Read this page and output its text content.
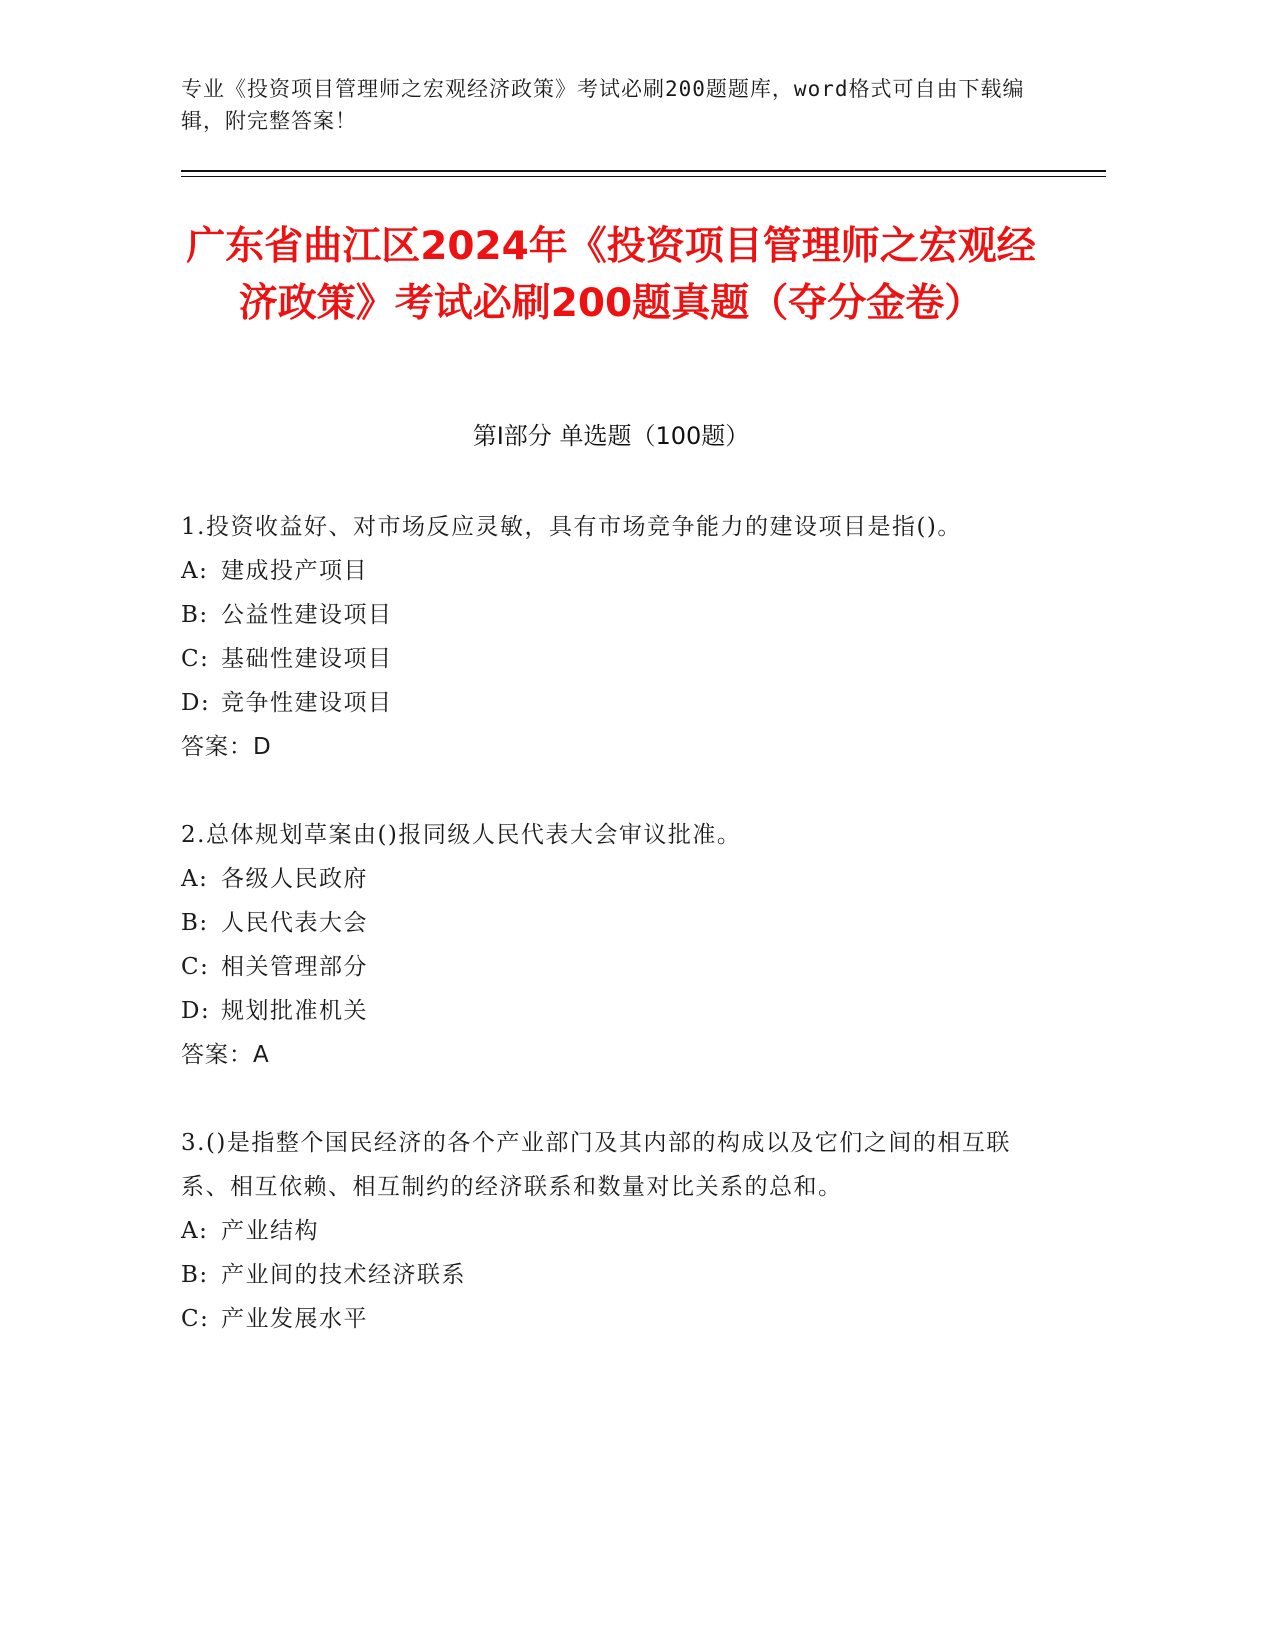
专业《投资项目管理师之宏观经济政策》考试必刷200题题库，word格式可自由下载编辑，附完整答案！
广东省曲江区2024年《投资项目管理师之宏观经济政策》考试必刷200题真题（夺分金卷）
第Ⅰ部分 单选题（100题）
1.投资收益好、对市场反应灵敏，具有市场竞争能力的建设项目是指()。
A: 建成投产项目
B: 公益性建设项目
C: 基础性建设项目
D: 竞争性建设项目
答案：D
2.总体规划草案由()报同级人民代表大会审议批准。
A: 各级人民政府
B: 人民代表大会
C: 相关管理部分
D: 规划批准机关
答案：A
3.()是指整个国民经济的各个产业部门及其内部的构成以及它们之间的相互联系、相互依赖、相互制约的经济联系和数量对比关系的总和。
A: 产业结构
B: 产业间的技术经济联系
C: 产业发展水平
